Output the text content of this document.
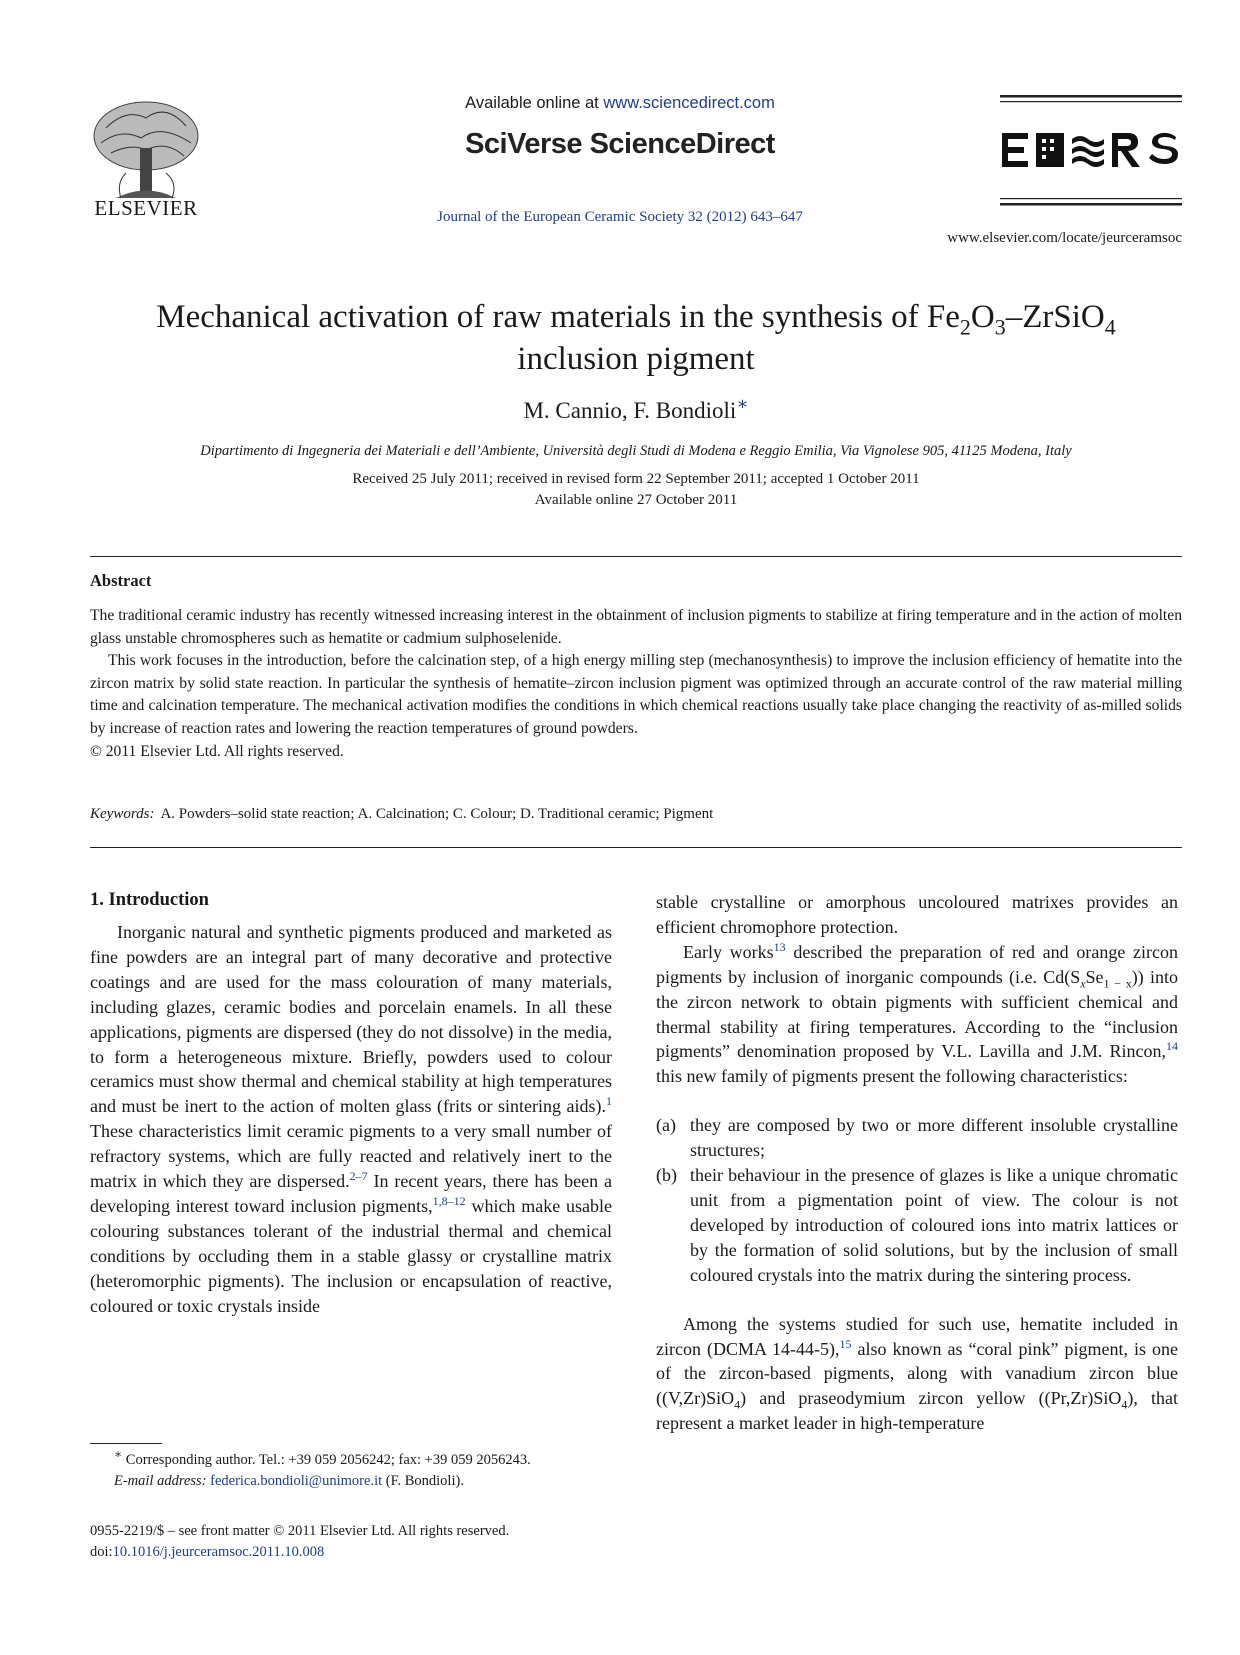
ELSEVIER
Available online at www.sciencedirect.com
SciVerse ScienceDirect
Journal of the European Ceramic Society 32 (2012) 643–647
www.elsevier.com/locate/jeurceramsoc
Mechanical activation of raw materials in the synthesis of $Fe_2O_3-ZrSiO_4$
inclusion pigment
M. Cannio, F. Bondioli∗
Dipartimento di Ingegneria dei Materiali e dell’Ambiente, Università degli Studi di Modena e Reggio Emilia, Via Vignolese 905, 41125 Modena, Italy
Received 25 July 2011; received in revised form 22 September 2011; accepted 1 October 2011
Available online 27 October 2011
Abstract

The traditional ceramic industry has recently witnessed increasing interest in the obtainment of inclusion pigments to stabilize at firing temperature and in the action of molten glass unstable chromospheres such as hematite or cadmium sulphoselenide.

This work focuses in the introduction, before the calcination step, of a high energy milling step (mechanosynthesis) to improve the inclusion efficiency of hematite into the zircon matrix by solid state reaction. In particular the synthesis of hematite–zircon inclusion pigment was optimized through an accurate control of the raw material milling time and calcination temperature. The mechanical activation modifies the conditions in which chemical reactions usually take place changing the reactivity of as-milled solids by increase of reaction rates and lowering the reaction temperatures of ground powders.

© 2011 Elsevier Ltd. All rights reserved.

Keywords: A. Powders–solid state reaction; A. Calcination; C. Colour; D. Traditional ceramic; Pigment
1. Introduction

Inorganic natural and synthetic pigments produced and marketed as fine powders are an integral part of many decorative and protective coatings and are used for the mass colouration of many materials, including glazes, ceramic bodies and porcelain enamels. In all these applications, pigments are dispersed (they do not dissolve) in the media, to form a heterogeneous mixture. Briefly, powders used to colour ceramics must show thermal and chemical stability at high temperatures and must be inert to the action of molten glass (frits or sintering aids).$^1$ These characteristics limit ceramic pigments to a very small number of refractory systems, which are fully reacted and relatively inert to the matrix in which they are dispersed.$^{2-7}$ In recent years, there has been a developing interest toward inclusion pigments,$^{1,8-12}$ which make usable colouring substances tolerant of the industrial thermal and chemical conditions by occluding them in a stable glassy or crystalline matrix (heteromorphic pigments). The inclusion or encapsulation of reactive, coloured or toxic crystals inside

stable crystalline or amorphous uncoloured matrixes provides an efficient chromophore protection.

Early works$^{13}$ described the preparation of red and orange zircon pigments by inclusion of inorganic compounds (i.e. $Cd(S_xSe_{1 - x})$) into the zircon network to obtain pigments with sufficient chemical and thermal stability at firing temperatures. According to the “inclusion pigments” denomination proposed by V.L. Lavilla and J.M. Rincon,$^{14}$ this new family of pigments present the following characteristics:

(a) they are composed by two or more different insoluble crystalline structures;
(b) their behaviour in the presence of glazes is like a unique chromatic unit from a pigmentation point of view. The colour is not developed by introduction of coloured ions into matrix lattices or by the formation of solid solutions, but by the inclusion of small coloured crystals into the matrix during the sintering process.

Among the systems studied for such use, hematite included in zircon (DCMA 14-44-5),$^{15}$ also known as “coral pink” pigment, is one of the zircon-based pigments, along with vanadium zircon blue ((V,Zr)SiO$_4$) and praseodymium zircon yellow ((Pr,Zr)SiO$_4$), that represent a market leader in high-temperature

∗ Corresponding author. Tel.: +39 059 2056242; fax: +39 059 2056243.
E-mail address: federica.bondioli@unimore.it (F. Bondioli).
0955-2219/$ – see front matter © 2011 Elsevier Ltd. All rights reserved.
doi:10.1016/j.jeurceramsoc.2011.10.008
